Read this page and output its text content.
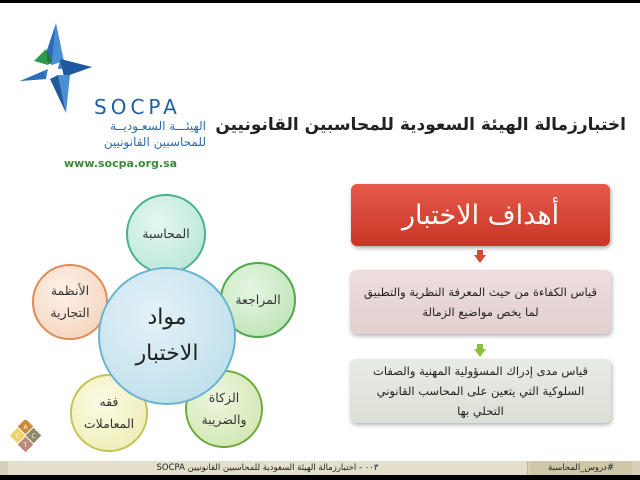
SOCPA
الهيئـــة السعـوديــة
للمحاسبين القانونيين
www.socpa.org.sa
اختبارزمالة الهيئة السعودية للمحاسبين القانونيين
أهداف الاختبار
قياس الكفاءة من حيث المعرفة النظرية والتطبيق لما يخص مواضيع الزمالة
قياس مدى إدراك المسؤولية المهنية والصفات السلوكية التي يتعين على المحاسب القانوني التحلي بها
المحاسبة
المراجعة
الزكاة والضريبة
فقه المعاملات
الأنظمة التجارية	مواد الاختبار
A
C C
T
٠٠٣ - اختبارزمالة الهيئة السعودية للمحاسبين القانونيين SOCPA	#دروس_المحاسبة
